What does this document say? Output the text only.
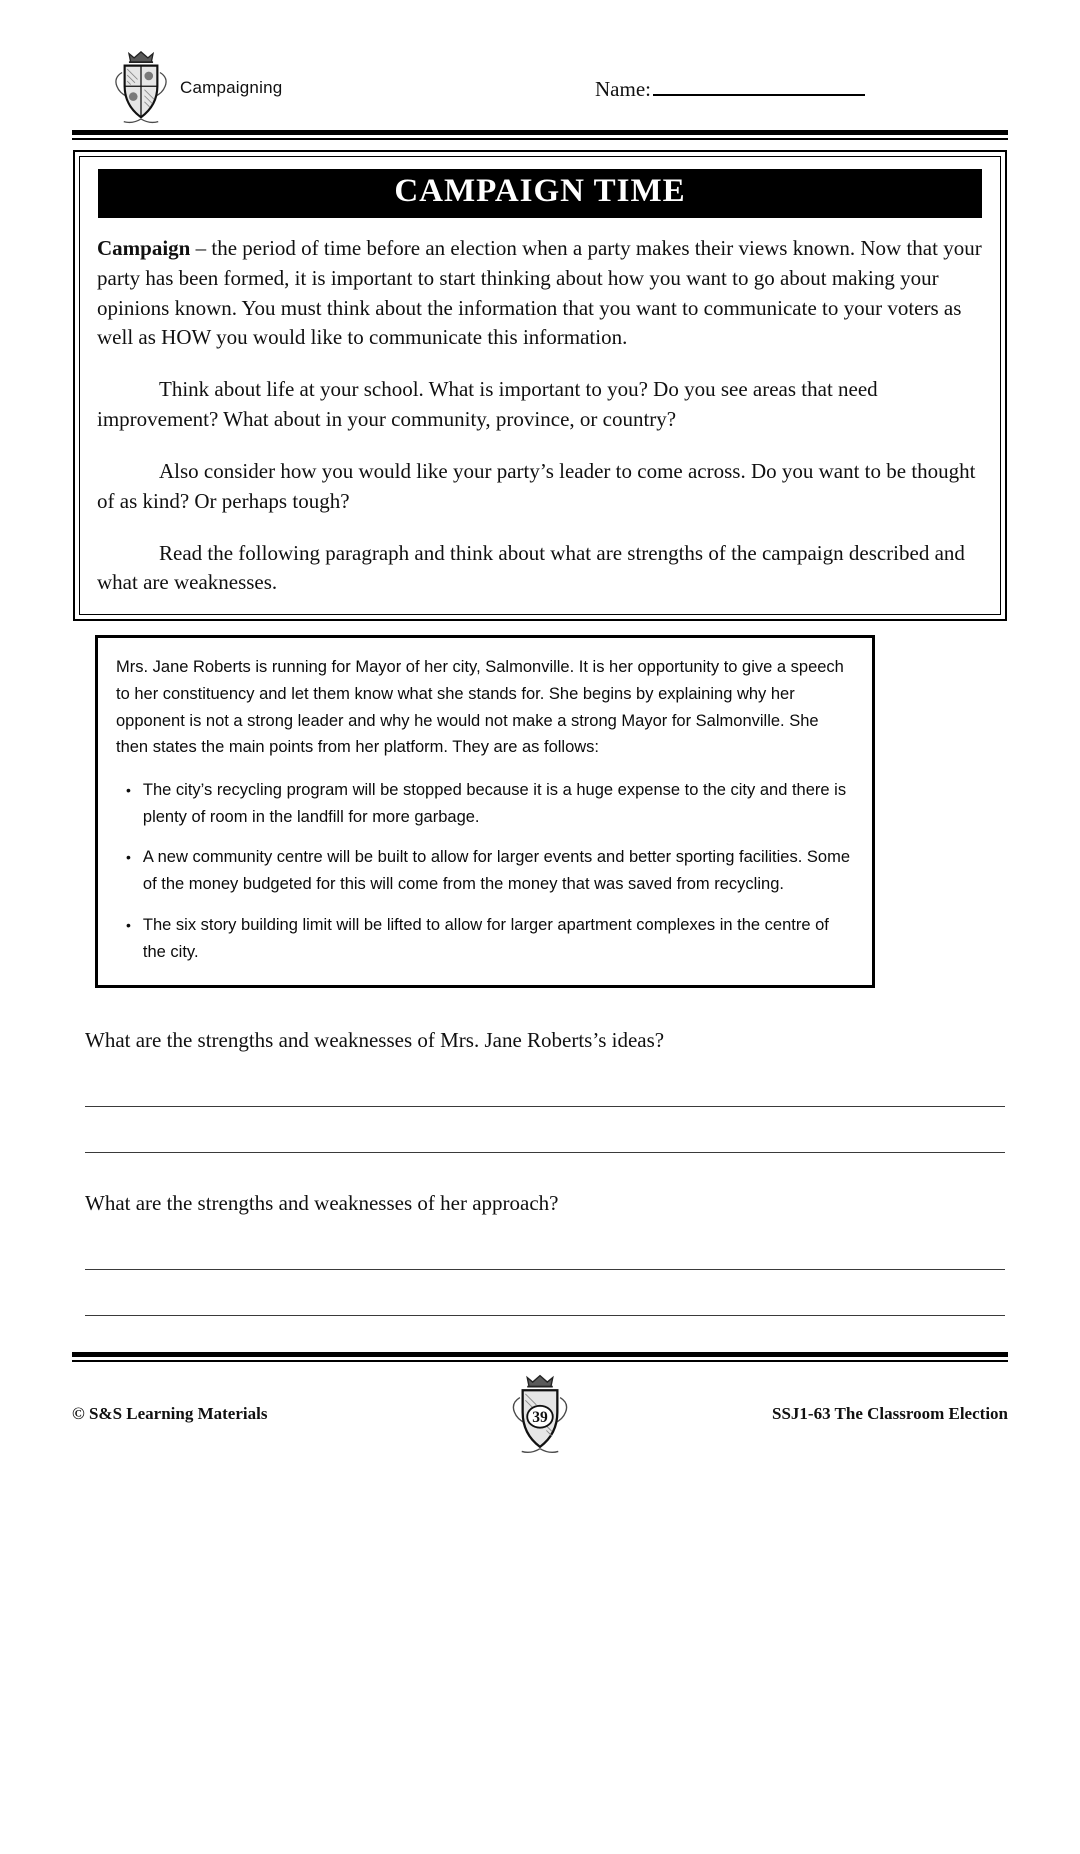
Campaigning	Name:
CAMPAIGN TIME

Campaign – the period of time before an election when a party makes their views known. Now that your party has been formed, it is important to start thinking about how you want to go about making your opinions known. You must think about the information that you want to communicate to your voters as well as HOW you would like to communicate this information.

Think about life at your school. What is important to you? Do you see areas that need improvement? What about in your community, province, or country?

Also consider how you would like your party’s leader to come across. Do you want to be thought of as kind? Or perhaps tough?

Read the following paragraph and think about what are strengths of the campaign described and what are weaknesses.

Mrs. Jane Roberts is running for Mayor of her city, Salmonville. It is her opportunity to give a speech to her constituency and let them know what she stands for. She begins by explaining why her opponent is not a strong leader and why he would not make a strong Mayor for Salmonville. She then states the main points from her platform. They are as follows:

• The city’s recycling program will be stopped because it is a huge expense to the city and there is plenty of room in the landfill for more garbage.
• A new community centre will be built to allow for larger events and better sporting facilities. Some of the money budgeted for this will come from the money that was saved from recycling.
• The six story building limit will be lifted to allow for larger apartment complexes in the centre of the city.

What are the strengths and weaknesses of Mrs. Jane Roberts’s ideas?

What are the strengths and weaknesses of her approach?

© S&S Learning Materials	39	SSJ1-63 The Classroom Election
